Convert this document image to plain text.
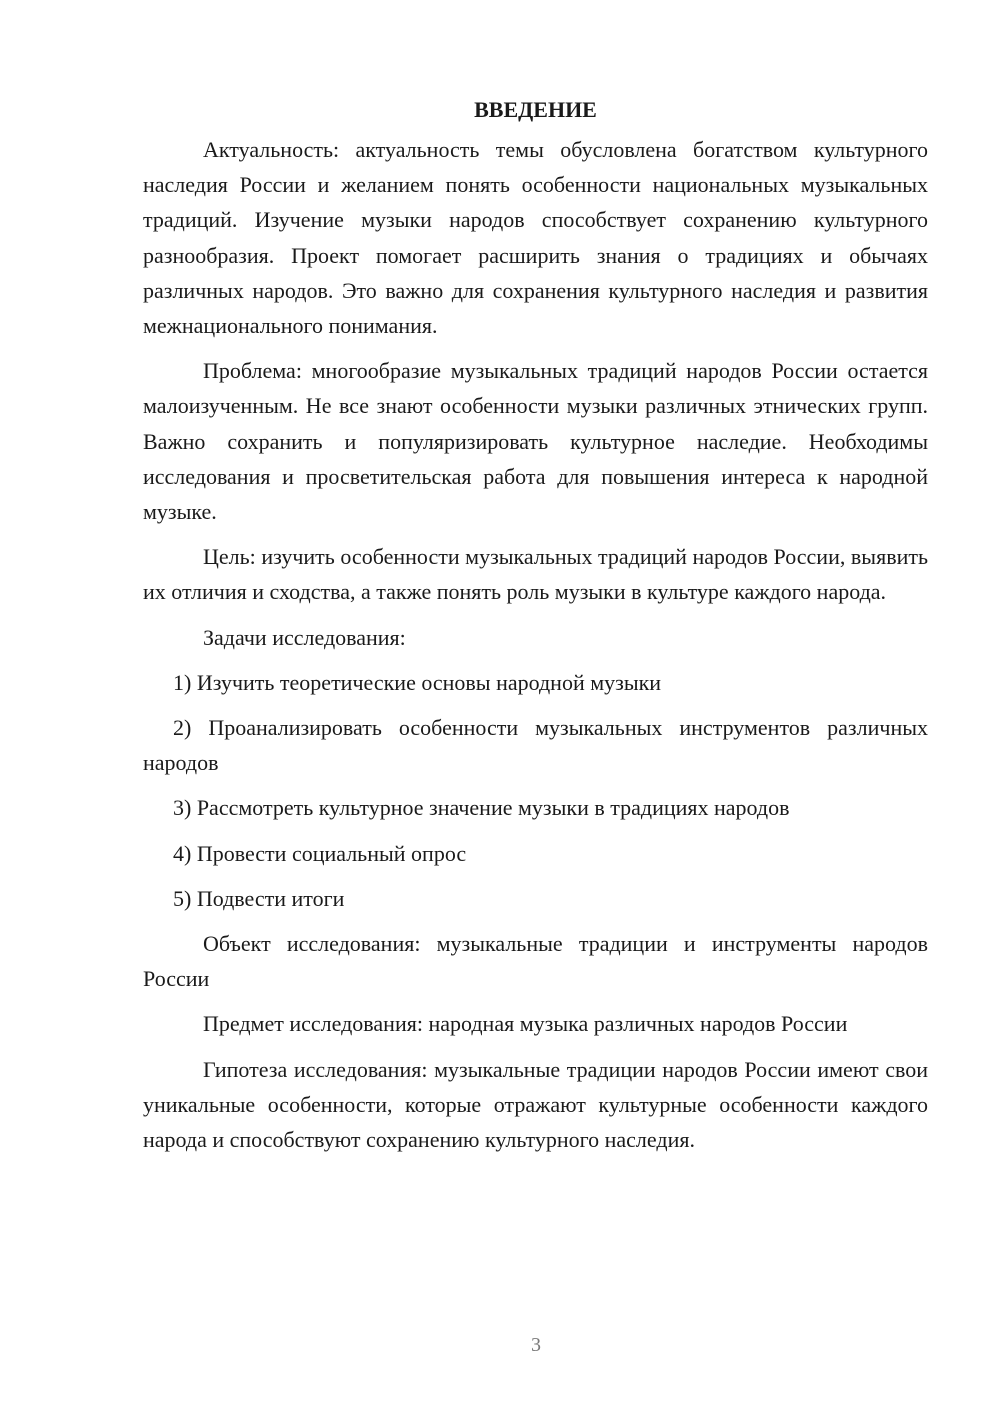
ВВЕДЕНИЕ

Актуальность: актуальность темы обусловлена богатством культурного наследия России и желанием понять особенности национальных музыкальных традиций. Изучение музыки народов способствует сохранению культурного разнообразия. Проект помогает расширить знания о традициях и обычаях различных народов. Это важно для сохранения культурного наследия и развития межнационального понимания.

Проблема: многообразие музыкальных традиций народов России остается малоизученным. Не все знают особенности музыки различных этнических групп. Важно сохранить и популяризировать культурное наследие. Необходимы исследования и просветительская работа для повышения интереса к народной музыке.

Цель: изучить особенности музыкальных традиций народов России, выявить их отличия и сходства, а также понять роль музыки в культуре каждого народа.

Задачи исследования:

1) Изучить теоретические основы народной музыки

2) Проанализировать особенности музыкальных инструментов различных народов

3) Рассмотреть культурное значение музыки в традициях народов

4) Провести социальный опрос

5) Подвести итоги

Объект исследования: музыкальные традиции и инструменты народов России

Предмет исследования: народная музыка различных народов России

Гипотеза исследования: музыкальные традиции народов России имеют свои уникальные особенности, которые отражают культурные особенности каждого народа и способствуют сохранению культурного наследия.

3
